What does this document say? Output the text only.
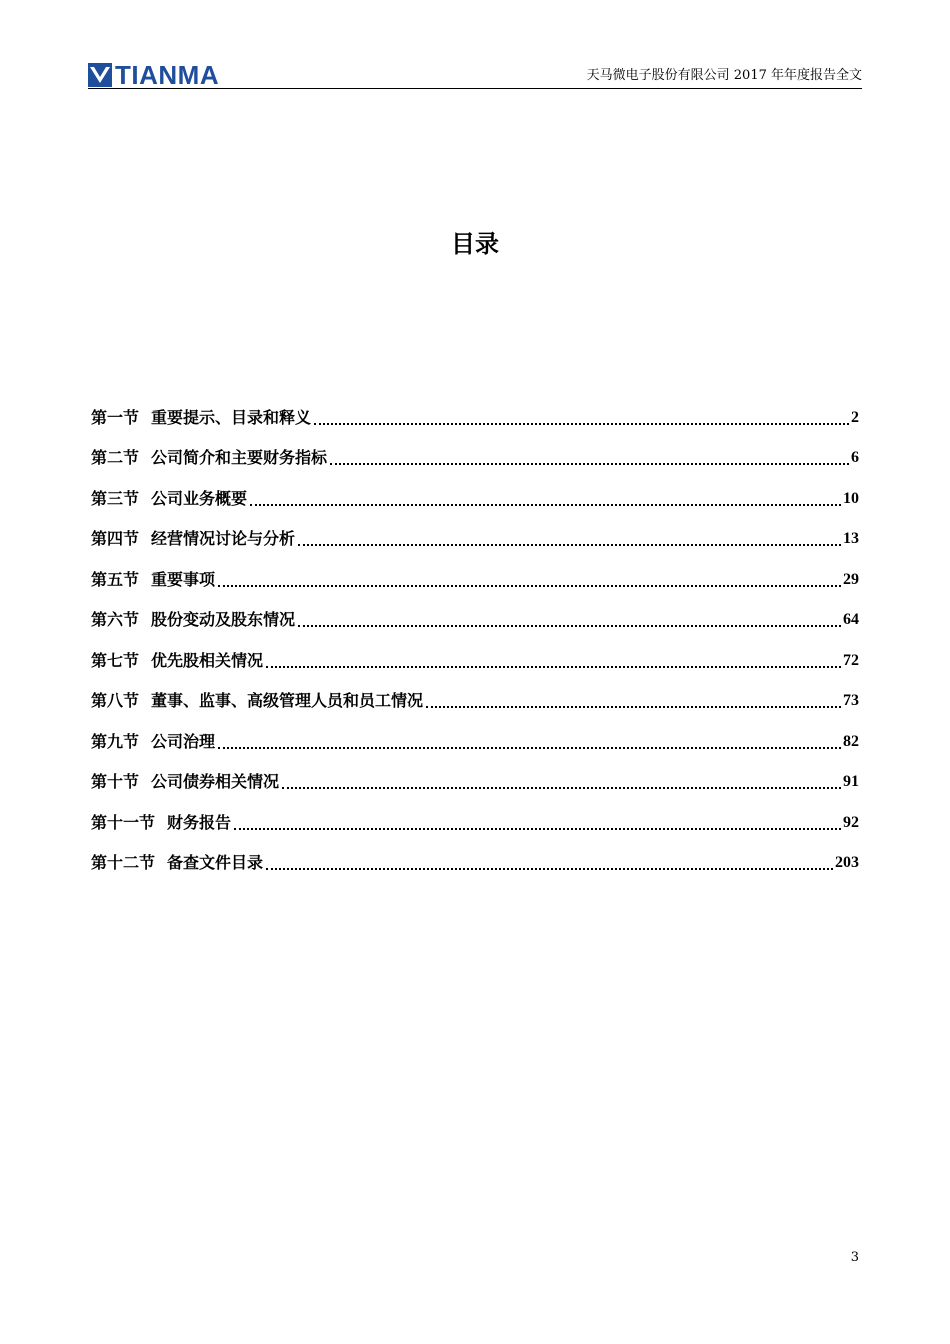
TIANMA	天马微电子股份有限公司 2017 年年度报告全文
目录
第一节 重要提示、目录和释义	2
第二节 公司简介和主要财务指标	6
第三节 公司业务概要	10
第四节 经营情况讨论与分析	13
第五节 重要事项	29
第六节 股份变动及股东情况	64
第七节 优先股相关情况	72
第八节 董事、监事、高级管理人员和员工情况	73
第九节 公司治理	82
第十节 公司债券相关情况	91
第十一节 财务报告	92
第十二节 备查文件目录	203
3
